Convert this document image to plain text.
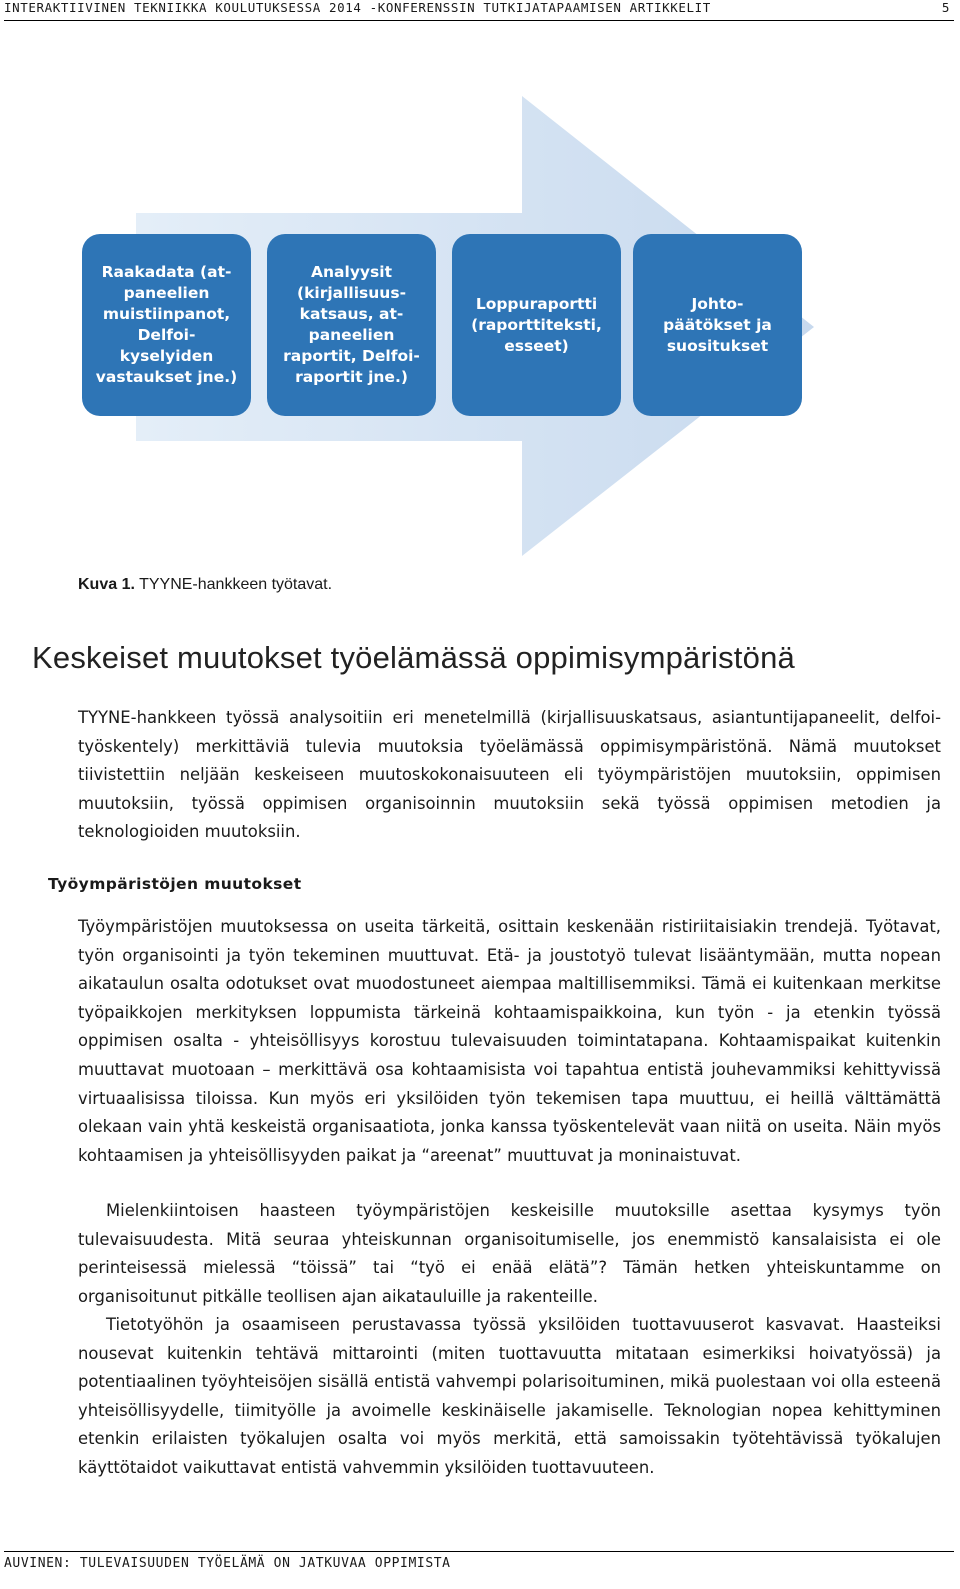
INTERAKTIIVINEN TEKNIIKKA KOULUTUKSESSA 2014 -KONFERENSSIN TUTKIJATAPAAMISEN ARTIKKELIT	5
Raakadata (at-
paneelien
muistiinpanot,
Delfoi-
kyselyiden
vastaukset jne.)
Analyysit
(kirjallisuus-
katsaus, at-
paneelien
raportit, Delfoi-
raportit jne.)
Loppuraportti
(raporttiteksti,
esseet)
Johto-
päätökset ja
suositukset
Kuva 1. TYYNE-hankkeen työtavat.
Keskeiset muutokset työelämässä oppimisympäristönä

TYYNE-hankkeen työssä analysoitiin eri menetelmillä (kirjallisuuskatsaus, asiantuntijapaneelit, delfoi-työskentely) merkittäviä tulevia muutoksia työelämässä oppimisympäristönä. Nämä muutokset tiivistettiin neljään keskeiseen muutoskokonaisuuteen eli työympäristöjen muutoksiin, oppimisen muutoksiin, työssä oppimisen organisoinnin muutoksiin sekä työssä oppimisen metodien ja teknologioiden muutoksiin.

Työympäristöjen muutokset

Työympäristöjen muutoksessa on useita tärkeitä, osittain keskenään ristiriitaisiakin trendejä. Työtavat, työn organisointi ja työn tekeminen muuttuvat. Etä- ja joustotyö tulevat lisääntymään, mutta nopean aikataulun osalta odotukset ovat muodostuneet aiempaa maltillisemmiksi. Tämä ei kuitenkaan merkitse työpaikkojen merkityksen loppumista tärkeinä kohtaamispaikkoina, kun työn - ja etenkin työssä oppimisen osalta - yhteisöllisyys korostuu tulevaisuuden toimintatapana. Kohtaamispaikat kuitenkin muuttavat muotoaan – merkittävä osa kohtaamisista voi tapahtua entistä jouhevammiksi kehittyvissä virtuaalisissa tiloissa. Kun myös eri yksilöiden työn tekemisen tapa muuttuu, ei heillä välttämättä olekaan vain yhtä keskeistä organisaatiota, jonka kanssa työskentelevät vaan niitä on useita. Näin myös kohtaamisen ja yhteisöllisyyden paikat ja “areenat” muuttuvat ja moninaistuvat.

Mielenkiintoisen haasteen työympäristöjen keskeisille muutoksille asettaa kysymys työn tulevaisuudesta. Mitä seuraa yhteiskunnan organisoitumiselle, jos enemmistö kansalaisista ei ole perinteisessä mielessä “töissä” tai “työ ei enää elätä”? Tämän hetken yhteiskuntamme on organisoitunut pitkälle teollisen ajan aikatauluille ja rakenteille.

Tietotyöhön ja osaamiseen perustavassa työssä yksilöiden tuottavuuserot kasvavat. Haasteiksi nousevat kuitenkin tehtävä mittarointi (miten tuottavuutta mitataan esimerkiksi hoivatyössä) ja potentiaalinen työyhteisöjen sisällä entistä vahvempi polarisoituminen, mikä puolestaan voi olla esteenä yhteisöllisyydelle, tiimityölle ja avoimelle keskinäiselle jakamiselle. Teknologian nopea kehittyminen etenkin erilaisten työkalujen osalta voi myös merkitä, että samoissakin työtehtävissä työkalujen käyttötaidot vaikuttavat entistä vahvemmin yksilöiden tuottavuuteen.

AUVINEN: TULEVAISUUDEN TYÖELÄMÄ ON JATKUVAA OPPIMISTA
